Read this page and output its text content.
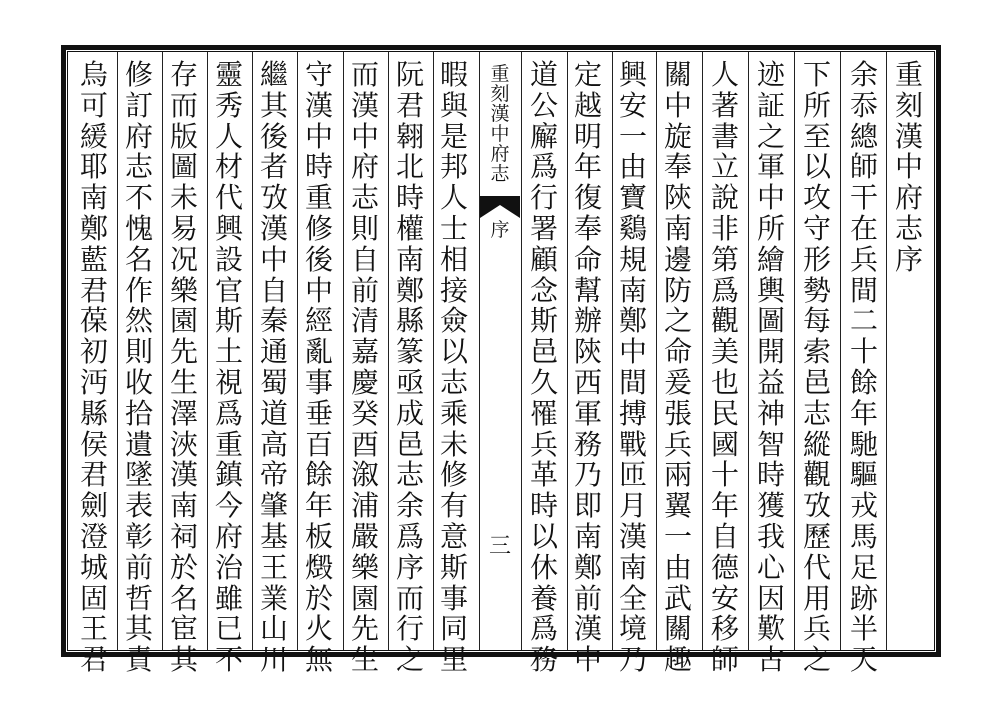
重刻漢中府志序
余忝總師干在兵間二十餘年馳驅戎馬足跡半天
下所至以攻守形勢每索邑志縱觀攷歷代用兵之
迹証之軍中所繪輿圖開益神智時獲我心因歎古
人著書立說非第爲觀美也民國十年自德安移師
關中旋奉陝南邊防之命爰張兵兩翼一由武關趣
興安一由寶鷄規南鄭中間搏戰匝月漢南全境乃
定越明年復奉命幫辦陝西軍務乃即南鄭前漢中
道公廨爲行署顧念斯邑久罹兵革時以休養爲務
重刻漢中府志
序
三
暇與是邦人士相接僉以志乘未修有意斯事同里
阮君翱北時權南鄭縣篆亟成邑志余爲序而行之
而漢中府志則自前清嘉慶癸酉溆浦嚴樂園先生
守漢中時重修後中經亂事垂百餘年板燬於火無
繼其後者攷漢中自秦通蜀道高帝肇基王業山川
靈秀人材代興設官斯土視爲重鎮今府治雖已不
存而版圖未易况樂園先生澤浹漢南祠於名宦其
修訂府志不愧名作然則收拾遺墜表彰前哲其責
烏可緩耶南鄭藍君葆初沔縣侯君劍澄城固王君
